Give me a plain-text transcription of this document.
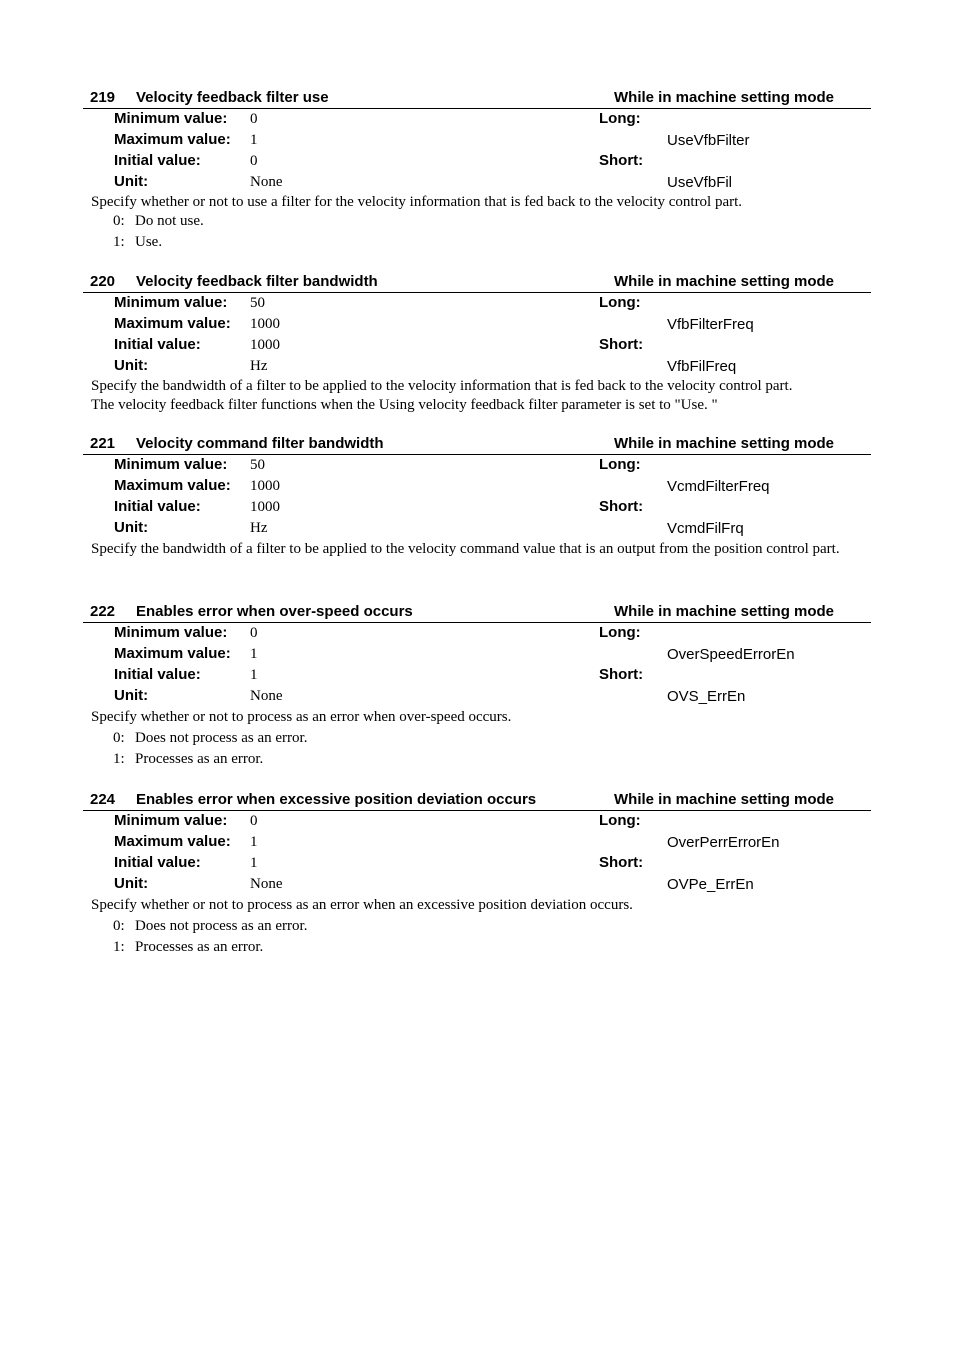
219 Velocity feedback filter use	While in machine setting mode
Minimum value: 0	Long:
Maximum value: 1	UseVfbFilter
Initial value:	0	Short:
Unit:	None	UseVfbFil
Specify whether or not to use a filter for the velocity information that is fed back to the velocity control part.
0: Do not use.
1: Use.
220 Velocity feedback filter bandwidth	While in machine setting mode
Minimum value: 50	Long:
Maximum value: 1000	VfbFilterFreq
Initial value:	1000	Short:
Unit:	Hz	VfbFilFreq
Specify the bandwidth of a filter to be applied to the velocity information that is fed back to the velocity control part.
The velocity feedback filter functions when the Using velocity feedback filter parameter is set to "Use. "
221 Velocity command filter bandwidth	While in machine setting mode
Minimum value: 50	Long:
Maximum value: 1000	VcmdFilterFreq
Initial value:	1000	Short:
Unit:	Hz	VcmdFilFrq
Specify the bandwidth of a filter to be applied to the velocity command value that is an output from the position control part.
222 Enables error when over-speed occurs	While in machine setting mode
Minimum value: 0	Long:
Maximum value: 1	OverSpeedErrorEn
Initial value:	1	Short:
Unit:	None	OVS_ErrEn
Specify whether or not to process as an error when over-speed occurs.
0: Does not process as an error.
1: Processes as an error.
224 Enables error when excessive position deviation occurs	While in machine setting mode
Minimum value: 0	Long:
Maximum value: 1	OverPerrErrorEn
Initial value:	1	Short:
Unit:	None	OVPe_ErrEn
Specify whether or not to process as an error when an excessive position deviation occurs.
0: Does not process as an error.
1: Processes as an error.
